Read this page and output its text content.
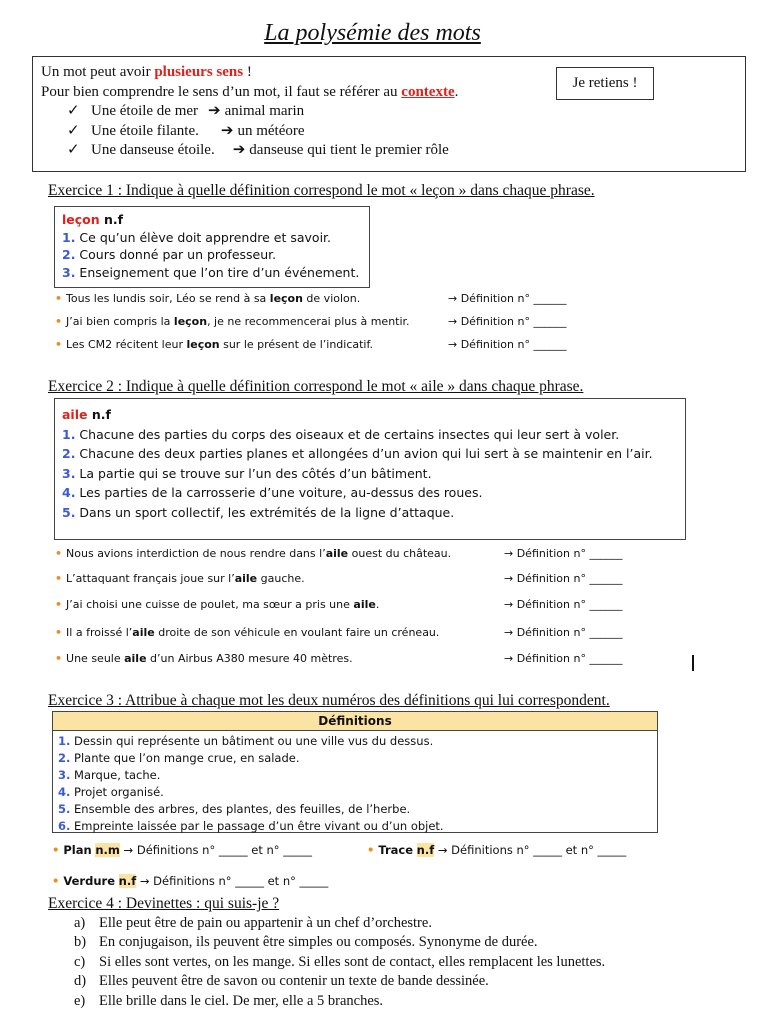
La polysémie des mots
Un mot peut avoir plusieurs sens !
Pour bien comprendre le sens d’un mot, il faut se référer au contexte.
✓ Une étoile de mer ➔ animal marin
✓ Une étoile filante. ➔ un météore
✓ Une danseuse étoile. ➔ danseuse qui tient le premier rôle
Je retiens !
Exercice 1 : Indique à quelle définition correspond le mot « leçon » dans chaque phrase.
leçon n.f
1. Ce qu’un élève doit apprendre et savoir.
2. Cours donné par un professeur.
3. Enseignement que l’on tire d’un événement.
• Tous les lundis soir, Léo se rend à sa leçon de violon.	→ Définition n° ______
• J’ai bien compris la leçon, je ne recommencerai plus à mentir.	→ Définition n° ______
• Les CM2 récitent leur leçon sur le présent de l’indicatif.	→ Définition n° ______
Exercice 2 : Indique à quelle définition correspond le mot « aile » dans chaque phrase.
aile n.f
1. Chacune des parties du corps des oiseaux et de certains insectes qui leur sert à voler.
2. Chacune des deux parties planes et allongées d’un avion qui lui sert à se maintenir en l’air.
3. La partie qui se trouve sur l’un des côtés d’un bâtiment.
4. Les parties de la carrosserie d’une voiture, au-dessus des roues.
5. Dans un sport collectif, les extrémités de la ligne d’attaque.
• Nous avions interdiction de nous rendre dans l’aile ouest du château.	→ Définition n° ______
• L’attaquant français joue sur l’aile gauche.	→ Définition n° ______
• J’ai choisi une cuisse de poulet, ma sœur a pris une aile.	→ Définition n° ______
• Il a froissé l’aile droite de son véhicule en voulant faire un créneau.	→ Définition n° ______
• Une seule aile d’un Airbus A380 mesure 40 mètres.	→ Définition n° ______
Exercice 3 : Attribue à chaque mot les deux numéros des définitions qui lui correspondent.
Définitions
1. Dessin qui représente un bâtiment ou une ville vus du dessus.
2. Plante que l’on mange crue, en salade.
3. Marque, tache.
4. Projet organisé.
5. Ensemble des arbres, des plantes, des feuilles, de l’herbe.
6. Empreinte laissée par le passage d’un être vivant ou d’un objet.
• Plan n.m → Définitions n° _____ et n° _____	• Trace n.f → Définitions n° _____ et n° _____
• Verdure n.f → Définitions n° _____ et n° _____
Exercice 4 : Devinettes : qui suis-je ?
a) Elle peut être de pain ou appartenir à un chef d’orchestre.
b) En conjugaison, ils peuvent être simples ou composés. Synonyme de durée.
c) Si elles sont vertes, on les mange. Si elles sont de contact, elles remplacent les lunettes.
d) Elles peuvent être de savon ou contenir un texte de bande dessinée.
e) Elle brille dans le ciel. De mer, elle a 5 branches.
